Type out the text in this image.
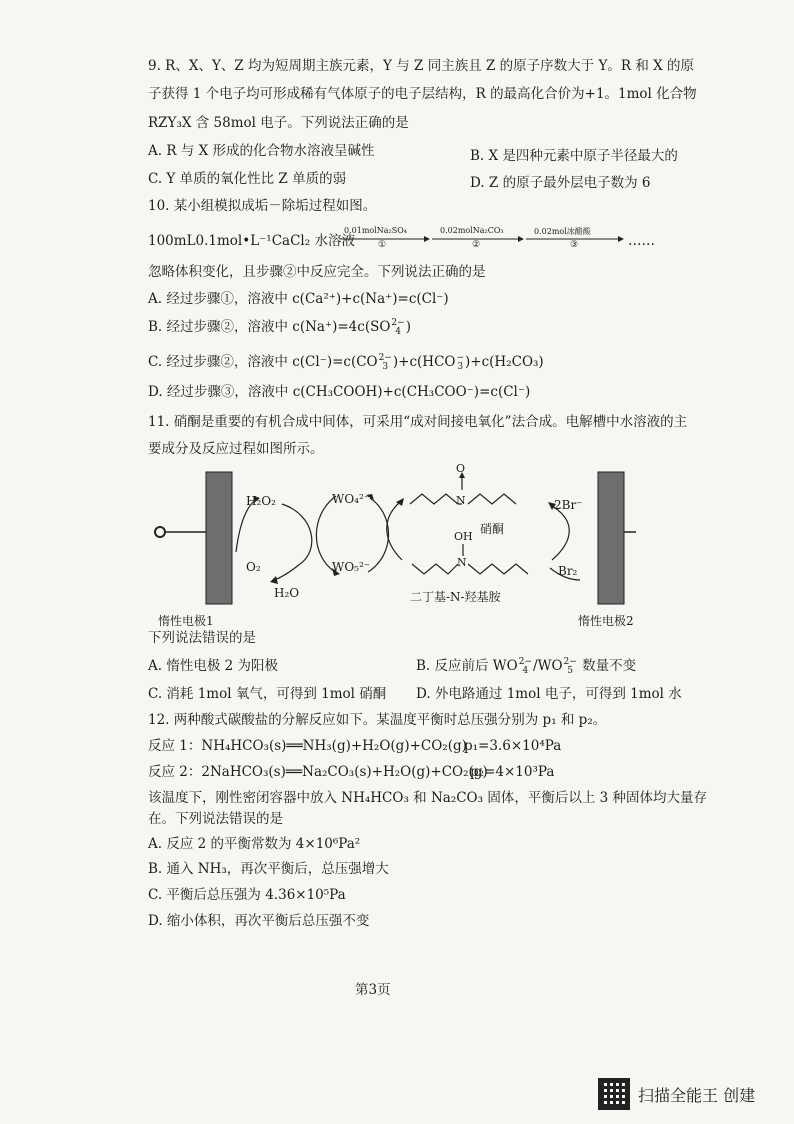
9. R、X、Y、Z 均为短周期主族元素，Y 与 Z 同主族且 Z 的原子序数大于 Y。R 和 X 的原
子获得 1 个电子均可形成稀有气体原子的电子层结构，R 的最高化合价为+1。1mol 化合物
RZY₃X 含 58mol 电子。下列说法正确的是
A. R 与 X 形成的化合物水溶液呈碱性	B. X 是四种元素中原子半径最大的
C. Y 单质的氧化性比 Z 单质的弱	D. Z 的原子最外层电子数为 6
10. 某小组模拟成垢－除垢过程如图。
100mL0.1mol•L⁻¹CaCl₂ 水溶液
0.01molNa₂SO₄
①
0.02molNa₂CO₃
②
0.02mol冰醋酸
③	……
忽略体积变化，且步骤②中反应完全。下列说法正确的是
A. 经过步骤①，溶液中 c(Ca²⁺)+c(Na⁺)=c(Cl⁻)
B. 经过步骤②，溶液中 c(Na⁺)=4c(SO 2−
4 )
C. 经过步骤②，溶液中 c(Cl⁻)=c(CO 2−
3 )+c(HCO −
3 )+c(H₂CO₃)
D. 经过步骤③，溶液中 c(CH₃COOH)+c(CH₃COO⁻)=c(Cl⁻)
11. 硝酮是重要的有机合成中间体，可采用“成对间接电氧化”法合成。电解槽中水溶液的主
要成分及反应过程如图所示。
H₂O₂
O₂
H₂O
WO₄²⁻
WO₅²⁻
O
N
硝酮
OH
N
二丁基-N-羟基胺
2Br⁻
Br₂
惰性电极1	惰性电极2
下列说法错误的是
A. 惰性电极 2 为阳极	B. 反应前后 WO 2−
4 /WO 2−
5 数量不变
C. 消耗 1mol 氧气，可得到 1mol 硝酮 D. 外电路通过 1mol 电子，可得到 1mol 水
12. 两种酸式碳酸盐的分解反应如下。某温度平衡时总压强分别为 p₁ 和 p₂。
反应 1：NH₄HCO₃(s)══NH₃(g)+H₂O(g)+CO₂(g)
p₁=3.6×10⁴Pa
反应 2：2NaHCO₃(s)══Na₂CO₃(s)+H₂O(g)+CO₂(g)
p₂=4×10³Pa
该温度下，刚性密闭容器中放入 NH₄HCO₃ 和 Na₂CO₃ 固体，平衡后以上 3 种固体均大量存
在。下列说法错误的是
A. 反应 2 的平衡常数为 4×10⁶Pa²
B. 通入 NH₃，再次平衡后，总压强增大
C. 平衡后总压强为 4.36×10⁵Pa
D. 缩小体积，再次平衡后总压强不变
第3页
扫描全能王 创建
